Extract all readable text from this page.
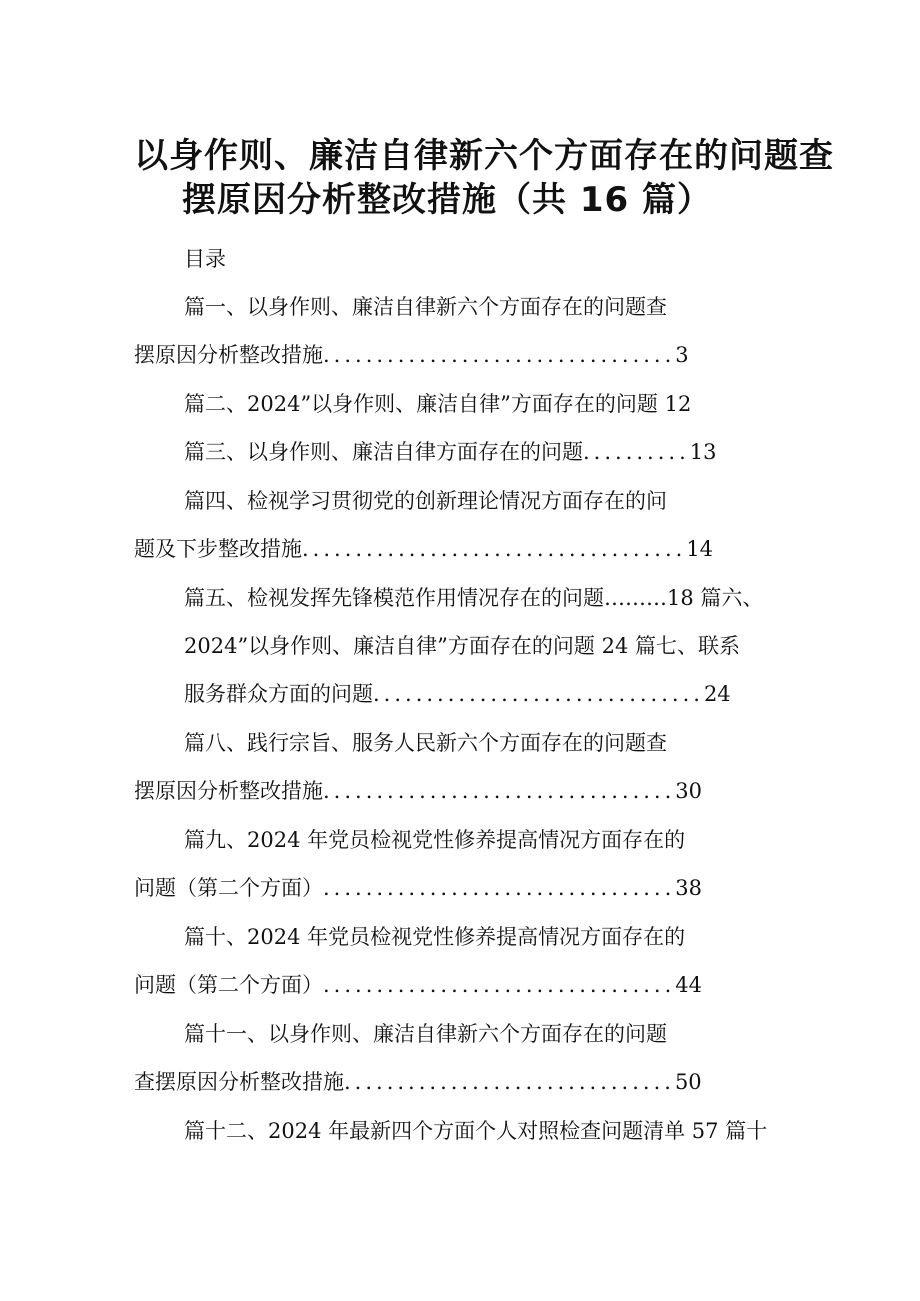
以身作则、廉洁自律新六个方面存在的问题查
摆原因分析整改措施（共 16 篇）
目录
篇一、以身作则、廉洁自律新六个方面存在的问题查
摆原因分析整改措施.................................3
篇二、2024”以身作则、廉洁自律”方面存在的问题 12
篇三、以身作则、廉洁自律方面存在的问题..........13
篇四、检视学习贯彻党的创新理论情况方面存在的问
题及下步整改措施....................................14
篇五、检视发挥先锋模范作用情况存在的问题………18 篇六、
2024”以身作则、廉洁自律”方面存在的问题 24 篇七、联系
服务群众方面的问题...............................24
篇八、践行宗旨、服务人民新六个方面存在的问题查
摆原因分析整改措施.................................30
篇九、2024 年党员检视党性修养提高情况方面存在的
问题（第二个方面）.................................38
篇十、2024 年党员检视党性修养提高情况方面存在的
问题（第二个方面）.................................44
篇十一、以身作则、廉洁自律新六个方面存在的问题
查摆原因分析整改措施...............................50
篇十二、2024 年最新四个方面个人对照检查问题清单 57 篇十
